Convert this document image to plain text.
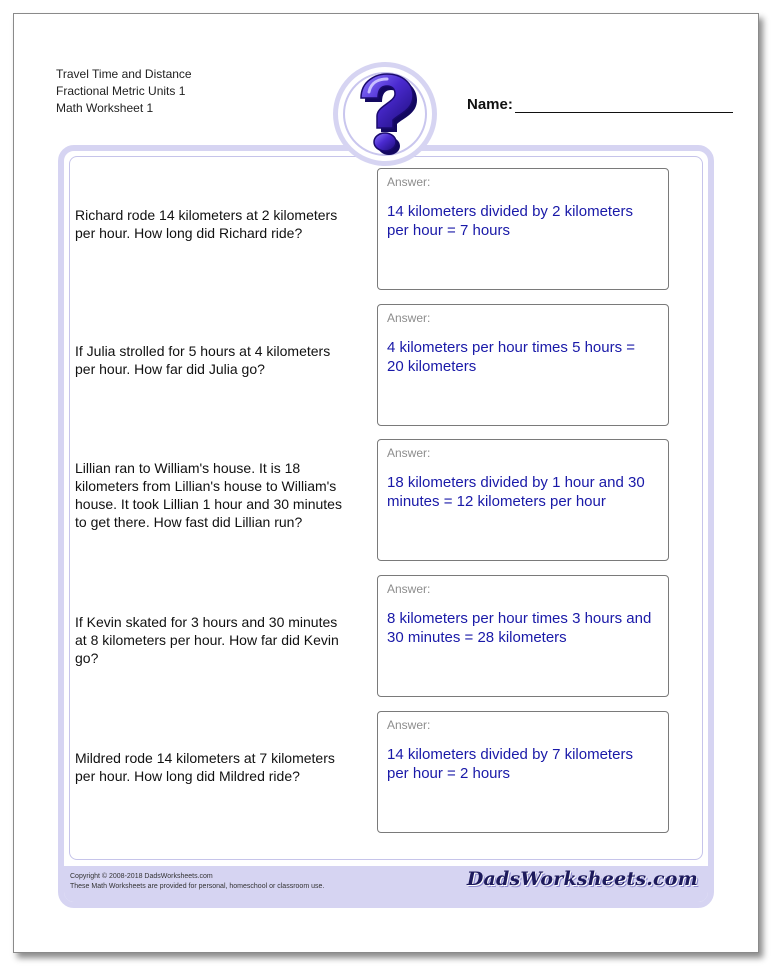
Travel Time and Distance
Fractional Metric Units 1
Math Worksheet 1	Name:
Copyright © 2008-2018 DadsWorksheets.com
These Math Worksheets are provided for personal, homeschool or classroom use.	DadsWorksheets.com
Richard rode 14 kilometers at 2 kilometers per hour. How long did Richard ride?
Answer:
14 kilometers divided by 2 kilometers per hour = 7 hours
If Julia strolled for 5 hours at 4 kilometers per hour. How far did Julia go?
Answer:
4 kilometers per hour times 5 hours = 20 kilometers
Lillian ran to William's house. It is 18 kilometers from Lillian's house to William's house. It took Lillian 1 hour and 30 minutes to get there. How fast did Lillian run?
Answer:
18 kilometers divided by 1 hour and 30 minutes = 12 kilometers per hour
If Kevin skated for 3 hours and 30 minutes at 8 kilometers per hour. How far did Kevin go?
Answer:
8 kilometers per hour times 3 hours and 30 minutes = 28 kilometers
Mildred rode 14 kilometers at 7 kilometers per hour. How long did Mildred ride?
Answer:
14 kilometers divided by 7 kilometers per hour = 2 hours
